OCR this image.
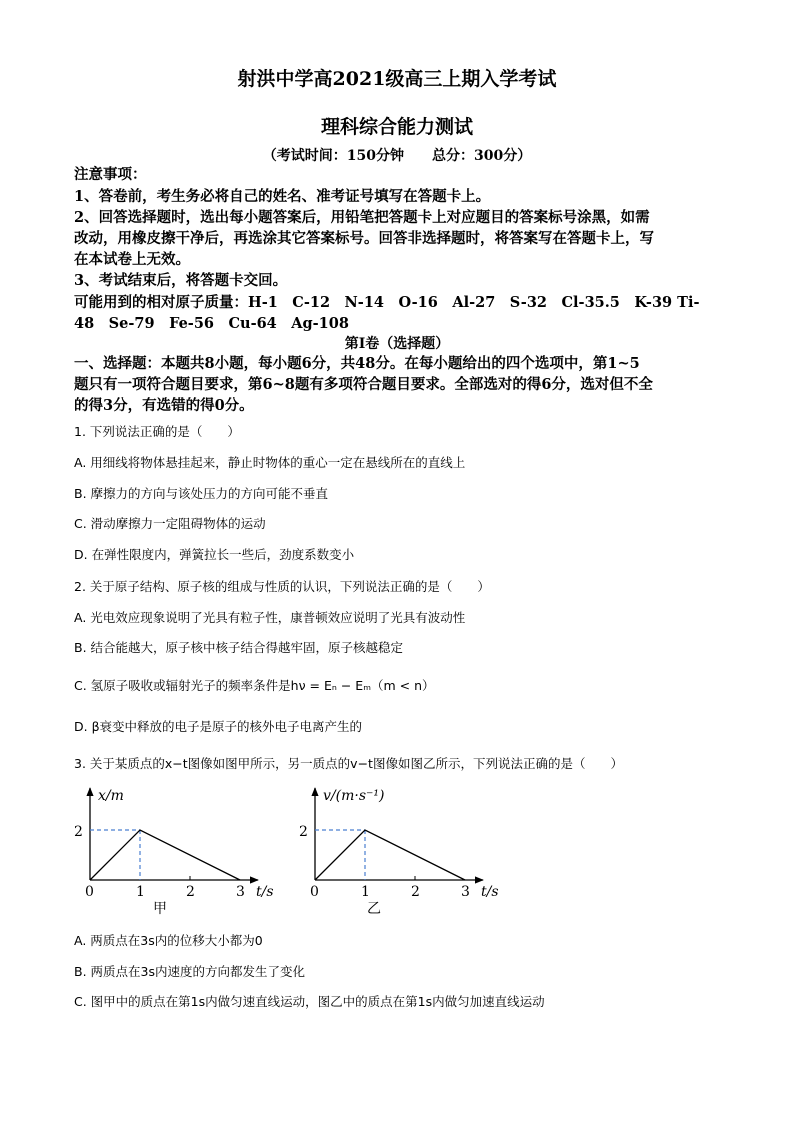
射洪中学高2021级高三上期入学考试
理科综合能力测试
（考试时间：150分钟　　总分：300分）
注意事项：
1、答卷前，考生务必将自己的姓名、准考证号填写在答题卡上。
2、回答选择题时，选出每小题答案后，用铅笔把答题卡上对应题目的答案标号涂黑，如需
改动，用橡皮擦干净后，再选涂其它答案标号。回答非选择题时，将答案写在答题卡上，写
在本试卷上无效。
3、考试结束后，将答题卡交回。
可能用到的相对原子质量：H-1　C-12　N-14　O-16　Al-27　S-32　Cl-35.5　K-39 Ti-
48　Se-79　Fe-56　Cu-64　Ag-108
第Ⅰ卷（选择题）
一、选择题：本题共8小题，每小题6分，共48分。在每小题给出的四个选项中，第1~5
题只有一项符合题目要求，第6~8题有多项符合题目要求。全部选对的得6分，选对但不全
的得3分，有选错的得0分。
1. 下列说法正确的是（　　）
A. 用细线将物体悬挂起来，静止时物体的重心一定在悬线所在的直线上
B. 摩擦力的方向与该处压力的方向可能不垂直
C. 滑动摩擦力一定阻碍物体的运动
D. 在弹性限度内，弹簧拉长一些后，劲度系数变小
2. 关于原子结构、原子核的组成与性质的认识，下列说法正确的是（　　）
A. 光电效应现象说明了光具有粒子性，康普顿效应说明了光具有波动性
B. 结合能越大，原子核中核子结合得越牢固，原子核越稳定
C. 氢原子吸收或辐射光子的频率条件是hν = Eₙ − Eₘ（m < n）
D. β衰变中释放的电子是原子的核外电子电离产生的
3. 关于某质点的x−t图像如图甲所示，另一质点的v−t图像如图乙所示，下列说法正确的是（　　）
x/m
2
0	1	2	3 t/s
甲
v/(m·s⁻¹)
2
0	1	2	3 t/s
乙
A. 两质点在3s内的位移大小都为0
B. 两质点在3s内速度的方向都发生了变化
C. 图甲中的质点在第1s内做匀速直线运动，图乙中的质点在第1s内做匀加速直线运动
